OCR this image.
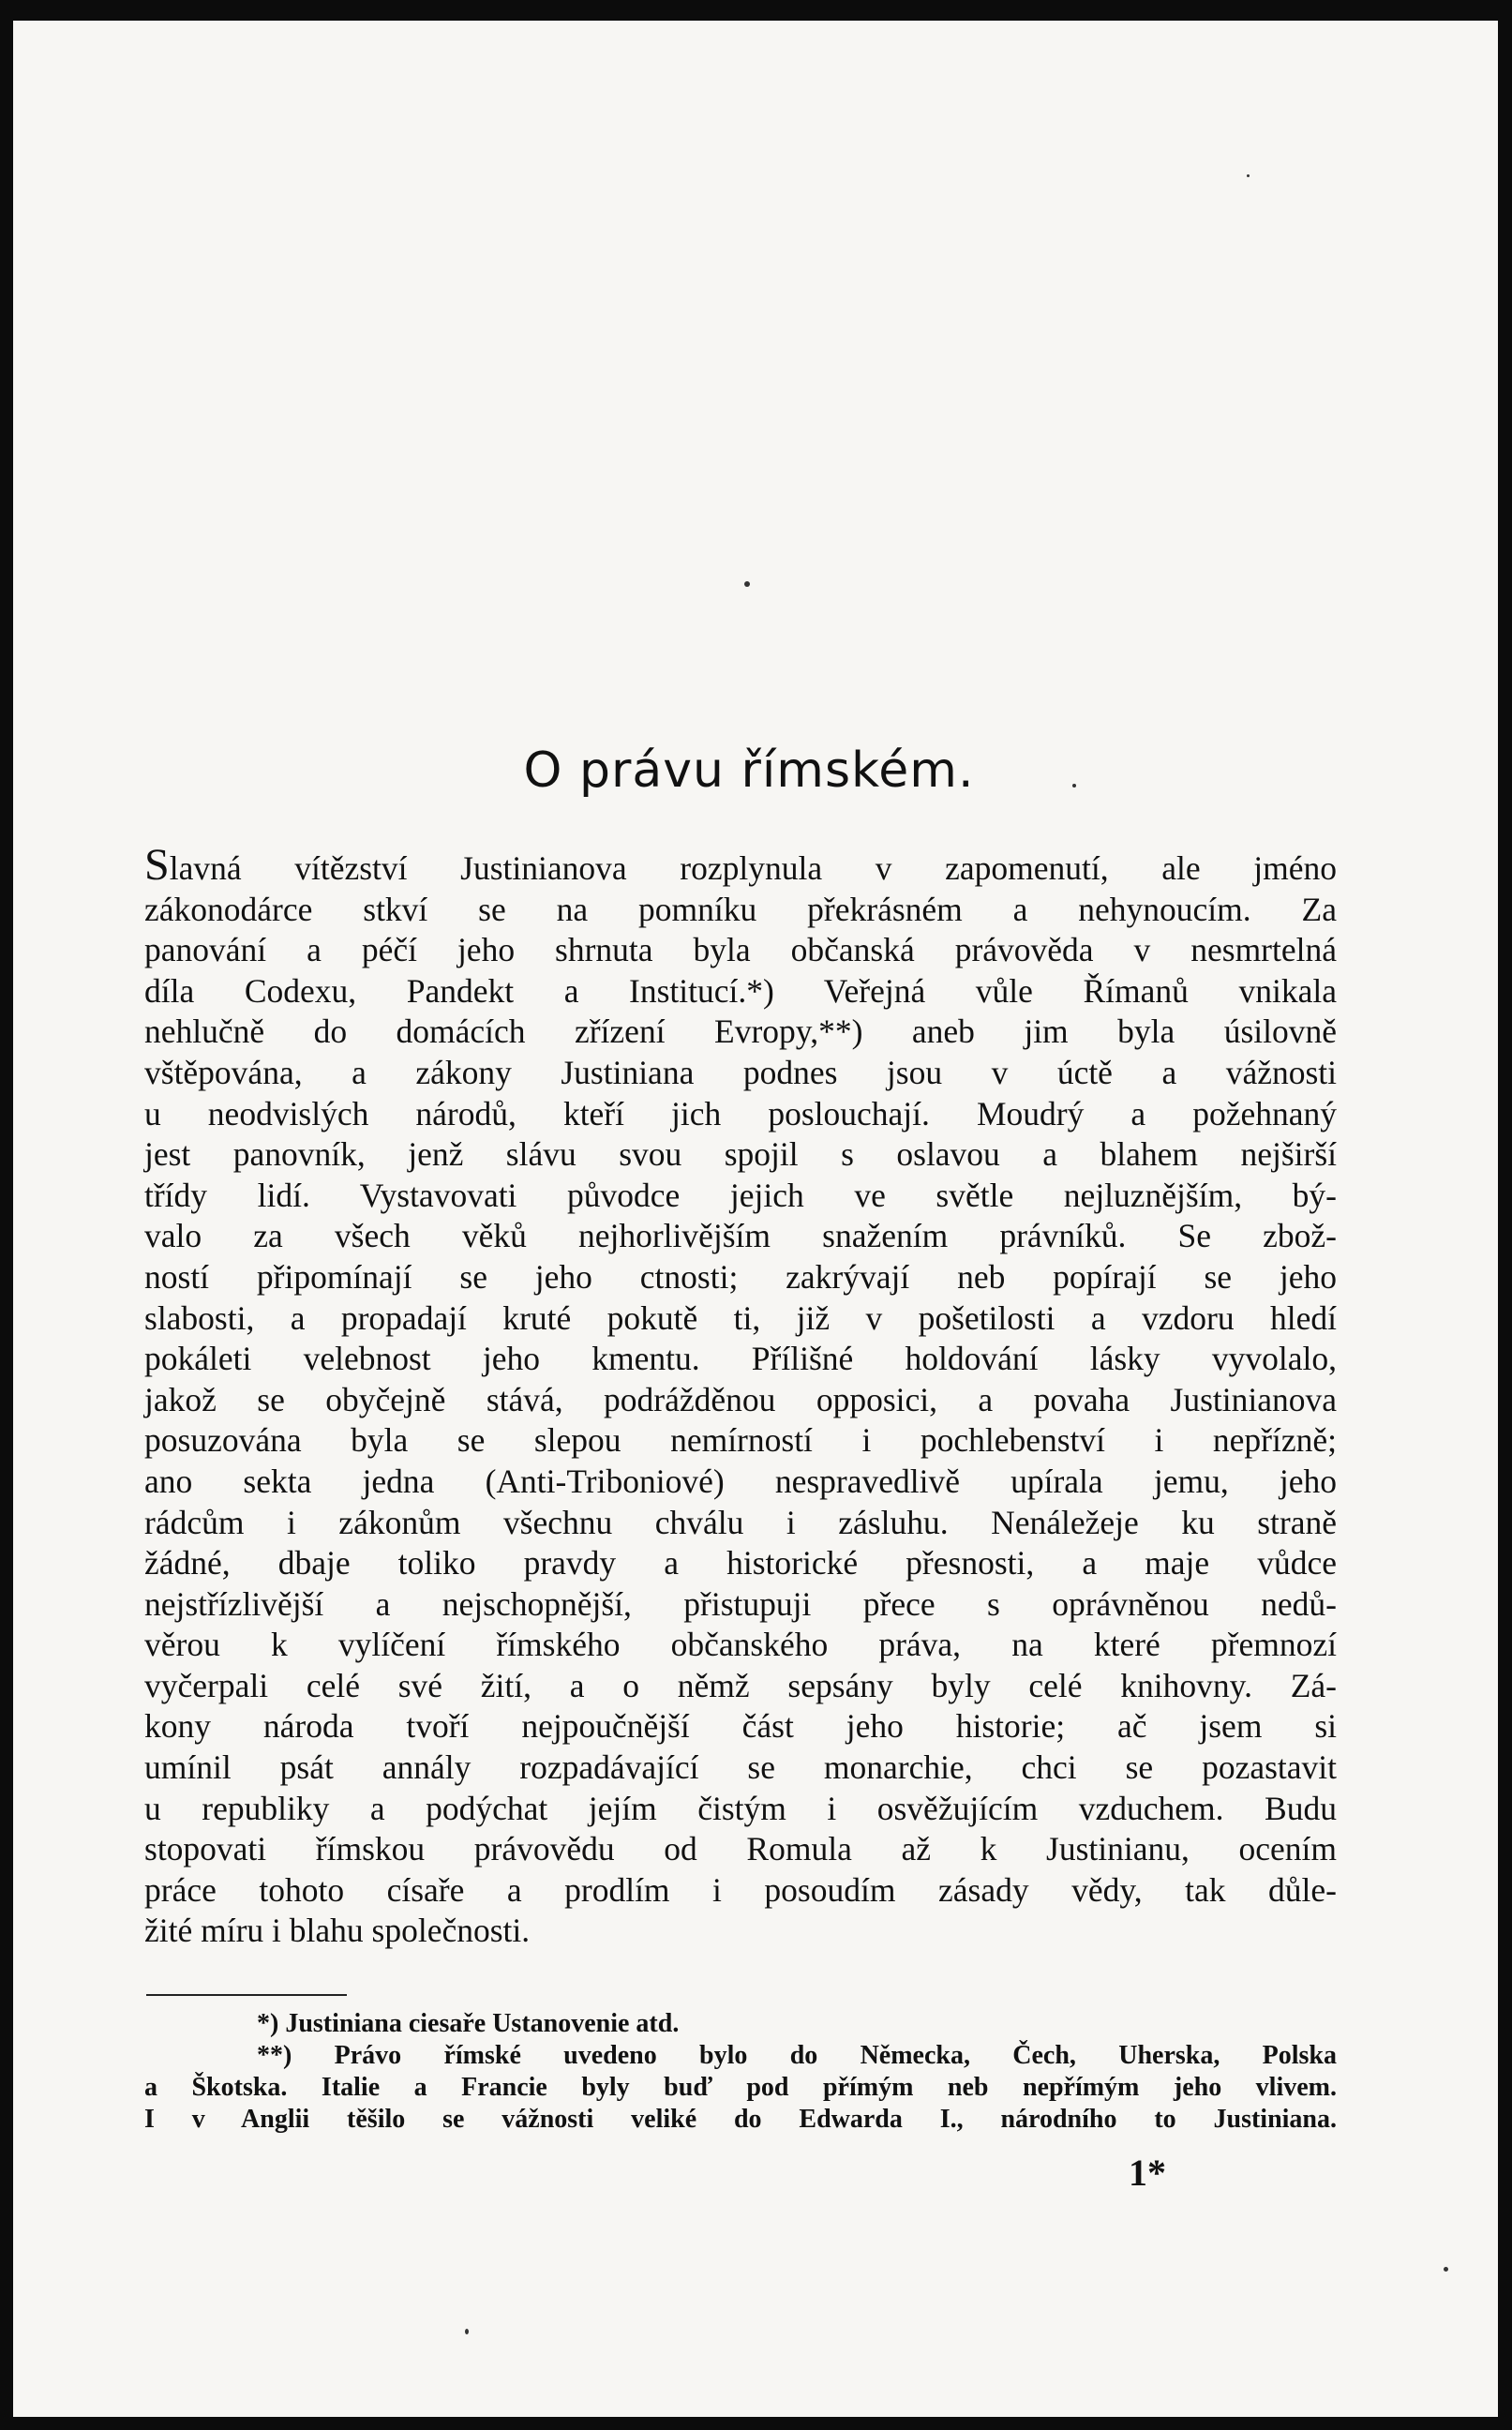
O právu římském.
Slavná vítězství Justinianova rozplynula v zapomenutí, ale jméno
zákonodárce stkví se na pomníku překrásném a nehynoucím. Za
panování a péčí jeho shrnuta byla občanská právověda v nesmrtelná
díla Codexu, Pandekt a Institucí.*) Veřejná vůle Římanů vnikala
nehlučně do domácích zřízení Evropy,**) aneb jim byla úsilovně
vštěpována, a zákony Justiniana podnes jsou v úctě a vážnosti
u neodvislých národů, kteří jich poslouchají. Moudrý a požehnaný
jest panovník, jenž slávu svou spojil s oslavou a blahem nejširší
třídy lidí. Vystavovati původce jejich ve světle nejluznějším, bý-
valo za všech věků nejhorlivějším snažením právníků. Se zbož-
ností připomínají se jeho ctnosti; zakrývají neb popírají se jeho
slabosti, a propadají kruté pokutě ti, již v pošetilosti a vzdoru hledí
pokáleti velebnost jeho kmentu. Přílišné holdování lásky vyvolalo,
jakož se obyčejně stává, podrážděnou opposici, a povaha Justinianova
posuzována byla se slepou nemírností i pochlebenství i nepřízně;
ano sekta jedna (Anti-Triboniové) nespravedlivě upírala jemu, jeho
rádcům i zákonům všechnu chválu i zásluhu. Nenáležeje ku straně
žádné, dbaje toliko pravdy a historické přesnosti, a maje vůdce
nejstřízlivější a nejschopnější, přistupuji přece s oprávněnou nedů-
věrou k vylíčení římského občanského práva, na které přemnozí
vyčerpali celé své žití, a o němž sepsány byly celé knihovny. Zá-
kony národa tvoří nejpoučnější část jeho historie; ač jsem si
umínil psát annály rozpadávající se monarchie, chci se pozastavit
u republiky a podýchat jejím čistým i osvěžujícím vzduchem. Budu
stopovati římskou právovědu od Romula až k Justinianu, ocením
práce tohoto císaře a prodlím i posoudím zásady vědy, tak důle-
žité míru i blahu společnosti.
*) Justiniana ciesaře Ustanovenie atd.
**) Právo římské uvedeno bylo do Německa, Čech, Uherska, Polska
a Škotska. Italie a Francie byly buď pod přímým neb nepřímým jeho vlivem.
I v Anglii těšilo se vážnosti veliké do Edwarda I., národního to Justiniana.
1*
